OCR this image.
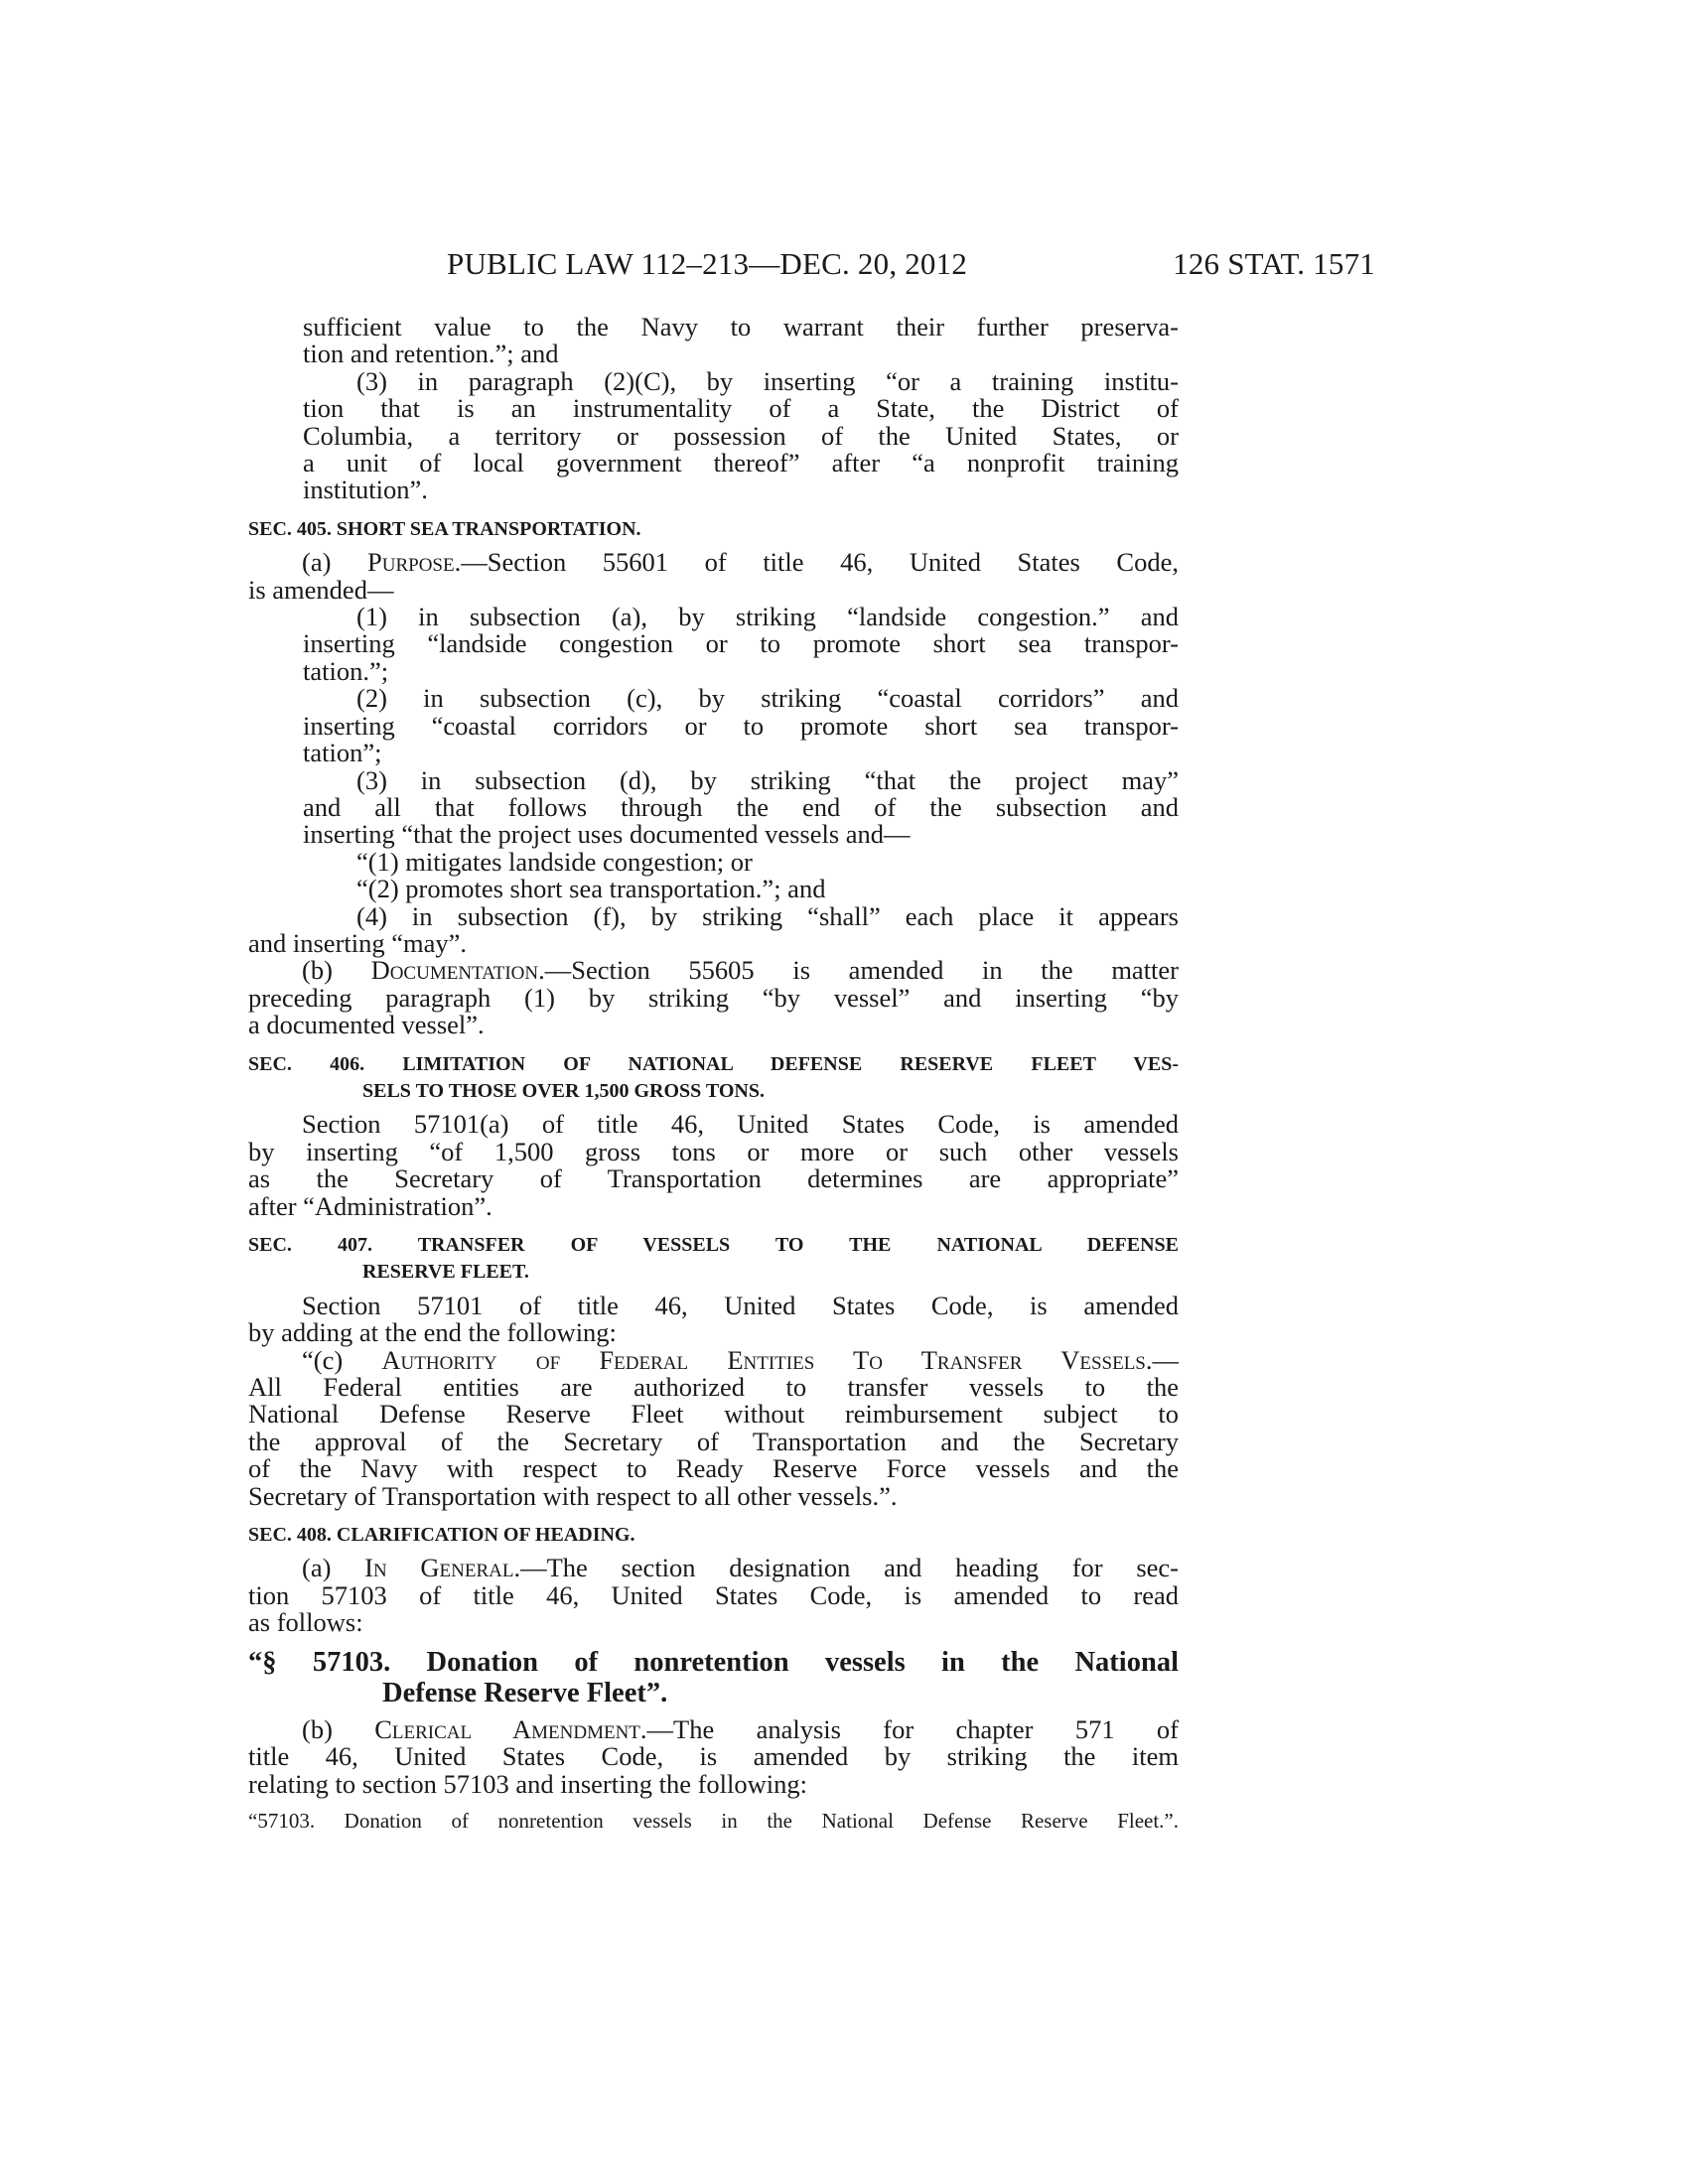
PUBLIC LAW 112–213—DEC. 20, 2012	126 STAT. 1571

sufficient value to the Navy to warrant their further preserva-

tion and retention.”; and

(3) in paragraph (2)(C), by inserting “or a training institu-

tion that is an instrumentality of a State, the District of

Columbia, a territory or possession of the United States, or

a unit of local government thereof” after “a nonprofit training

institution”.

SEC. 405. SHORT SEA TRANSPORTATION.

(a) Purpose.—Section 55601 of title 46, United States Code,

is amended—

(1) in subsection (a), by striking “landside congestion.” and

inserting “landside congestion or to promote short sea transpor-

tation.”;

(2) in subsection (c), by striking “coastal corridors” and

inserting “coastal corridors or to promote short sea transpor-

tation”;

(3) in subsection (d), by striking “that the project may”

and all that follows through the end of the subsection and

inserting “that the project uses documented vessels and—

“(1) mitigates landside congestion; or

“(2) promotes short sea transportation.”; and

(4) in subsection (f), by striking “shall” each place it appears

and inserting “may”.

(b) Documentation.—Section 55605 is amended in the matter

preceding paragraph (1) by striking “by vessel” and inserting “by

a documented vessel”.

SEC. 406. LIMITATION OF NATIONAL DEFENSE RESERVE FLEET VES-

SELS TO THOSE OVER 1,500 GROSS TONS.

Section 57101(a) of title 46, United States Code, is amended

by inserting “of 1,500 gross tons or more or such other vessels

as the Secretary of Transportation determines are appropriate”

after “Administration”.

SEC. 407. TRANSFER OF VESSELS TO THE NATIONAL DEFENSE

RESERVE FLEET.

Section 57101 of title 46, United States Code, is amended

by adding at the end the following:

“(c) Authority of Federal Entities To Transfer Vessels.—

All Federal entities are authorized to transfer vessels to the

National Defense Reserve Fleet without reimbursement subject to

the approval of the Secretary of Transportation and the Secretary

of the Navy with respect to Ready Reserve Force vessels and the

Secretary of Transportation with respect to all other vessels.”.

SEC. 408. CLARIFICATION OF HEADING.

(a) In General.—The section designation and heading for sec-

tion 57103 of title 46, United States Code, is amended to read

as follows:

“§ 57103. Donation of nonretention vessels in the National

Defense Reserve Fleet”.

(b) Clerical Amendment.—The analysis for chapter 571 of

title 46, United States Code, is amended by striking the item

relating to section 57103 and inserting the following:

“57103. Donation of nonretention vessels in the National Defense Reserve Fleet.”.
